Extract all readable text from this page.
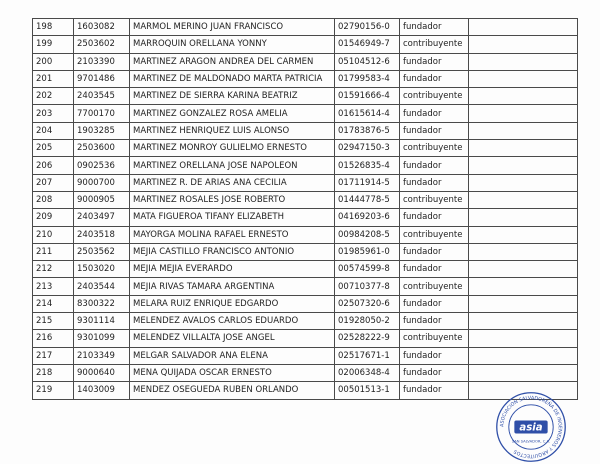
198	1603082	MARMOL MERINO JUAN FRANCISCO	02790156-0	fundador	
199	2503602	MARROQUIN ORELLANA YONNY	01546949-7	contribuyente	
200	2103390	MARTINEZ ARAGON ANDREA DEL CARMEN	05104512-6	fundador	
201	9701486	MARTINEZ DE MALDONADO MARTA PATRICIA	01799583-4	fundador	
202	2403545	MARTINEZ DE SIERRA KARINA BEATRIZ	01591666-4	contribuyente	
203	7700170	MARTINEZ GONZALEZ ROSA AMELIA	01615614-4	fundador	
204	1903285	MARTINEZ HENRIQUEZ LUIS ALONSO	01783876-5	fundador	
205	2503600	MARTINEZ MONROY GULIELMO ERNESTO	02947150-3	contribuyente	
206	0902536	MARTINEZ ORELLANA JOSE NAPOLEON	01526835-4	fundador	
207	9000700	MARTINEZ R. DE ARIAS ANA CECILIA	01711914-5	fundador	
208	9000905	MARTINEZ ROSALES JOSE ROBERTO	01444778-5	contribuyente	
209	2403497	MATA FIGUEROA TIFANY ELIZABETH	04169203-6	fundador	
210	2403518	MAYORGA MOLINA RAFAEL ERNESTO	00984208-5	contribuyente	
211	2503562	MEJIA CASTILLO FRANCISCO ANTONIO	01985961-0	fundador	
212	1503020	MEJIA MEJIA EVERARDO	00574599-8	fundador	
213	2403544	MEJIA RIVAS TAMARA ARGENTINA	00710377-8	contribuyente	
214	8300322	MELARA RUIZ ENRIQUE EDGARDO	02507320-6	fundador	
215	9301114	MELENDEZ AVALOS CARLOS EDUARDO	01928050-2	fundador	
216	9301099	MELENDEZ VILLALTA JOSE ANGEL	02528222-9	contribuyente	
217	2103349	MELGAR SALVADOR ANA ELENA	02517671-1	fundador	
218	9000640	MENA QUIJADA OSCAR ERNESTO	02006348-4	fundador	
219	1403009	MENDEZ OSEGUEDA RUBEN ORLANDO	00501513-1	fundador	
ASOCIACION SALVADOREÑA DE INGENIEROS Y ARQUITECTOS
asia
SAN SALVADOR, C.A.
